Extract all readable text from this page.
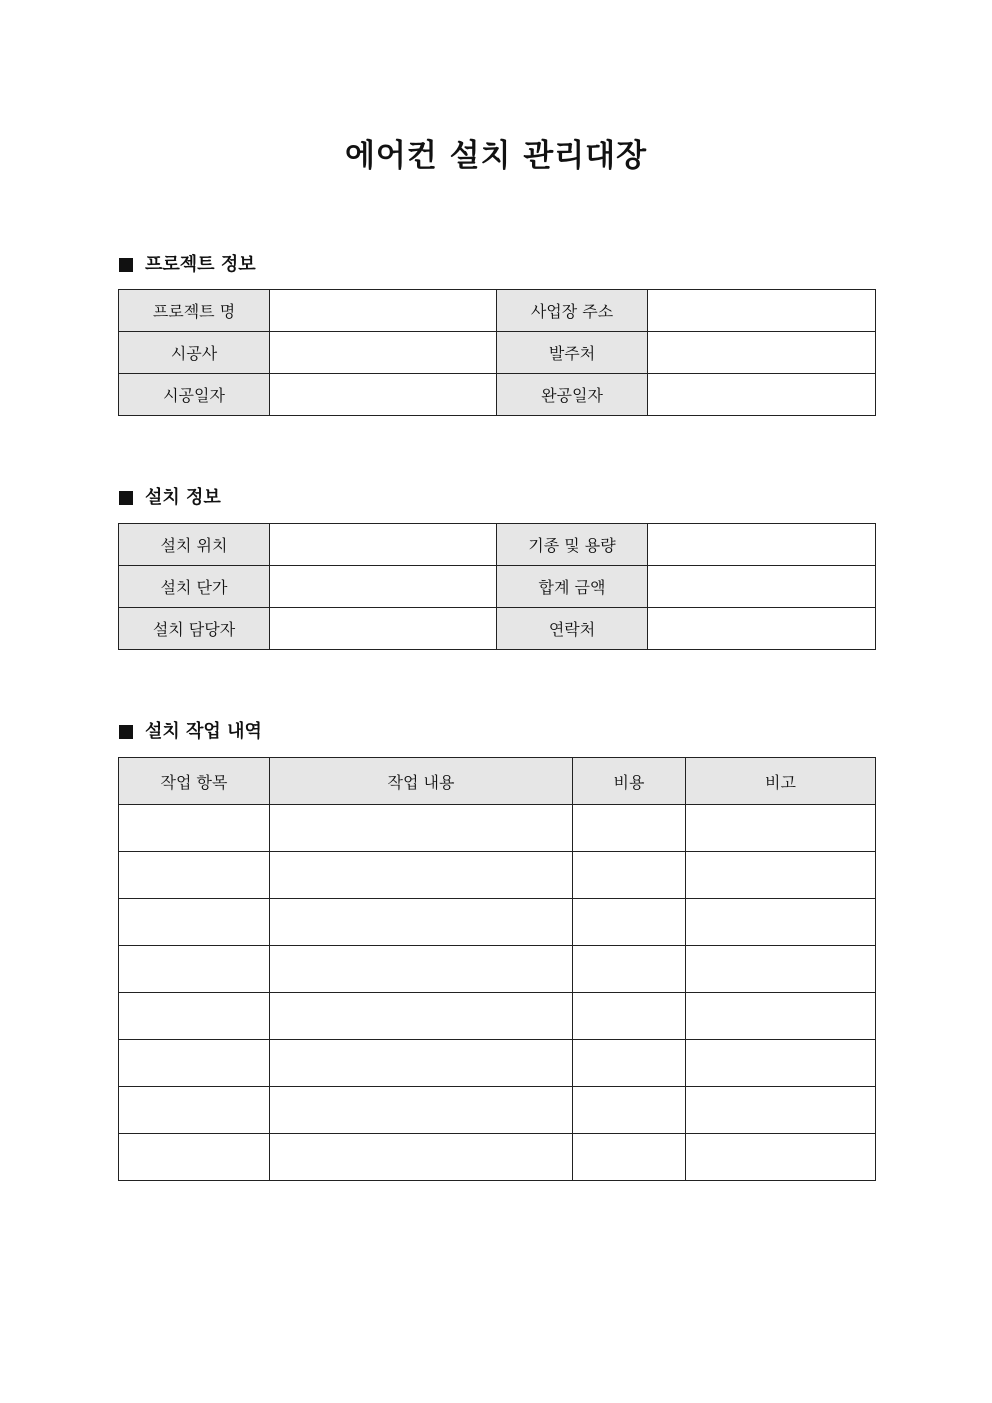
에어컨 설치 관리대장
프로젝트 정보
프로젝트 명		사업장 주소	
시공사		발주처	
시공일자		완공일자	
설치 정보
설치 위치		기종 및 용량	
설치 단가		합계 금액	
설치 담당자		연락처	
설치 작업 내역
작업 항목	작업 내용	비용	비고
